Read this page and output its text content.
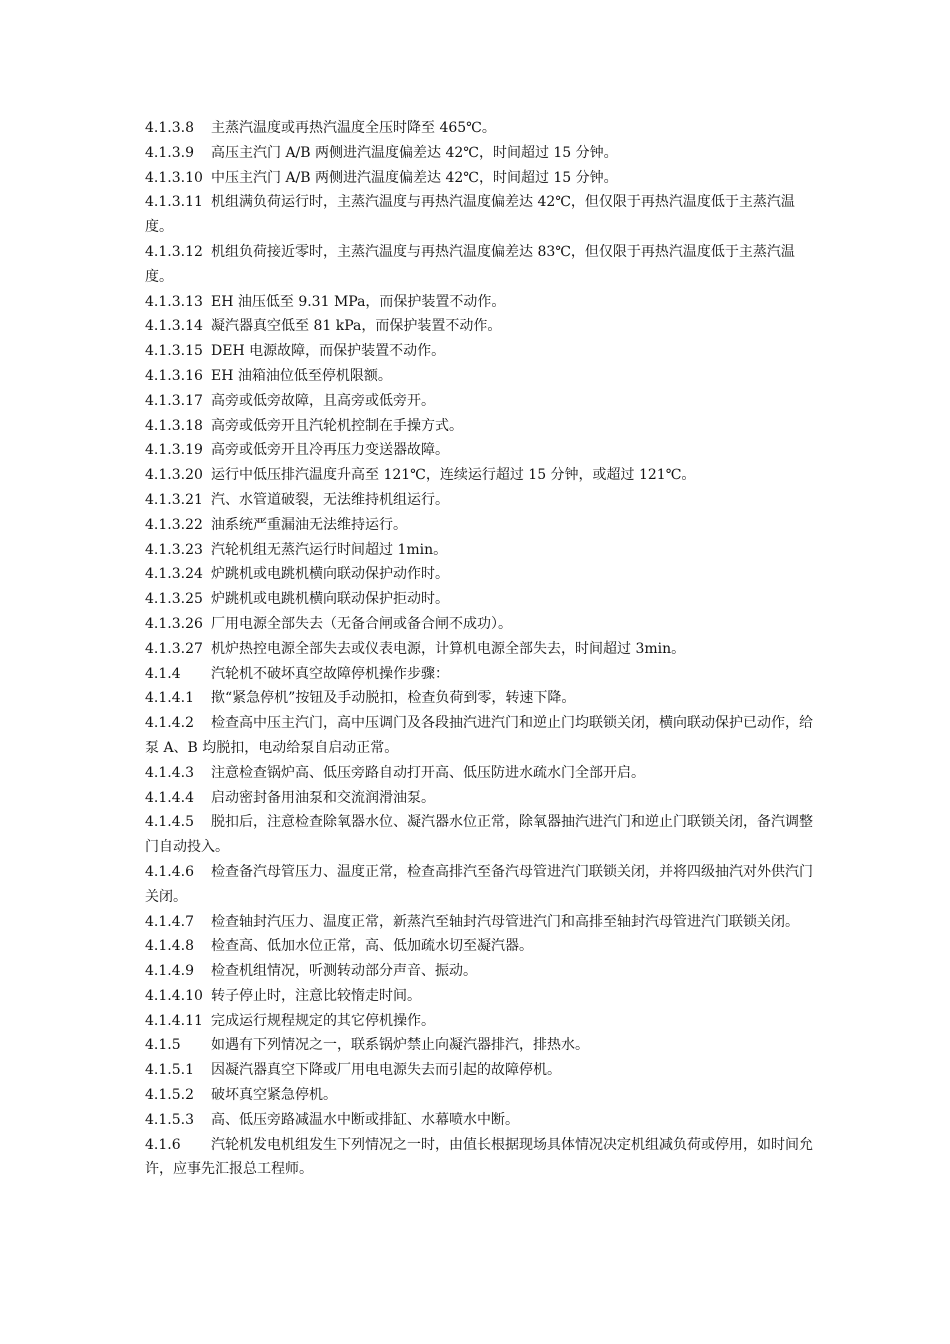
4.1.3.8 主蒸汽温度或再热汽温度全压时降至 465℃。

4.1.3.9 高压主汽门 A/B 两侧进汽温度偏差达 42℃，时间超过 15 分钟。

4.1.3.10 中压主汽门 A/B 两侧进汽温度偏差达 42℃，时间超过 15 分钟。

4.1.3.11 机组满负荷运行时，主蒸汽温度与再热汽温度偏差达 42℃，但仅限于再热汽温度低于主蒸汽温度。

4.1.3.12 机组负荷接近零时，主蒸汽温度与再热汽温度偏差达 83℃，但仅限于再热汽温度低于主蒸汽温度。

4.1.3.13 EH 油压低至 9.31 MPa，而保护装置不动作。

4.1.3.14 凝汽器真空低至 81 kPa，而保护装置不动作。

4.1.3.15 DEH 电源故障，而保护装置不动作。

4.1.3.16 EH 油箱油位低至停机限额。

4.1.3.17 高旁或低旁故障，且高旁或低旁开。

4.1.3.18 高旁或低旁开且汽轮机控制在手操方式。

4.1.3.19 高旁或低旁开且冷再压力变送器故障。

4.1.3.20 运行中低压排汽温度升高至 121℃，连续运行超过 15 分钟，或超过 121℃。

4.1.3.21 汽、水管道破裂，无法维持机组运行。

4.1.3.22 油系统严重漏油无法维持运行。

4.1.3.23 汽轮机组无蒸汽运行时间超过 1min。

4.1.3.24 炉跳机或电跳机横向联动保护动作时。

4.1.3.25 炉跳机或电跳机横向联动保护拒动时。

4.1.3.26 厂用电源全部失去（无备合闸或备合闸不成功）。

4.1.3.27 机炉热控电源全部失去或仪表电源，计算机电源全部失去，时间超过 3min。

4.1.4 汽轮机不破坏真空故障停机操作步骤：

4.1.4.1 揿“紧急停机”按钮及手动脱扣，检查负荷到零，转速下降。

4.1.4.2 检查高中压主汽门，高中压调门及各段抽汽进汽门和逆止门均联锁关闭，横向联动保护已动作，给泵 A、B 均脱扣，电动给泵自启动正常。

4.1.4.3 注意检查锅炉高、低压旁路自动打开高、低压防进水疏水门全部开启。

4.1.4.4 启动密封备用油泵和交流润滑油泵。

4.1.4.5 脱扣后，注意检查除氧器水位、凝汽器水位正常，除氧器抽汽进汽门和逆止门联锁关闭，备汽调整门自动投入。

4.1.4.6 检查备汽母管压力、温度正常，检查高排汽至备汽母管进汽门联锁关闭，并将四级抽汽对外供汽门关闭。

4.1.4.7 检查轴封汽压力、温度正常，新蒸汽至轴封汽母管进汽门和高排至轴封汽母管进汽门联锁关闭。

4.1.4.8 检查高、低加水位正常，高、低加疏水切至凝汽器。

4.1.4.9 检查机组情况，听测转动部分声音、振动。

4.1.4.10 转子停止时，注意比较惰走时间。

4.1.4.11 完成运行规程规定的其它停机操作。

4.1.5 如遇有下列情况之一，联系锅炉禁止向凝汽器排汽，排热水。

4.1.5.1 因凝汽器真空下降或厂用电电源失去而引起的故障停机。

4.1.5.2 破坏真空紧急停机。

4.1.5.3 高、低压旁路减温水中断或排缸、水幕喷水中断。

4.1.6 汽轮机发电机组发生下列情况之一时，由值长根据现场具体情况决定机组减负荷或停用，如时间允许，应事先汇报总工程师。
